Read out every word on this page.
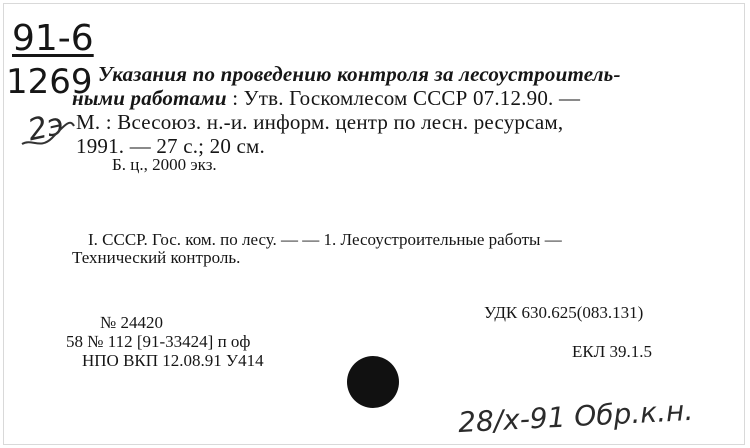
91-6
1269
2э
Указания по проведению контроля за лесоустроитель-
ными работами : Утв. Госкомлесом СССР 07.12.90. —
М. : Всесоюз. н.-и. информ. центр по лесн. ресурсам,
1991. — 27 с.; 20 см.
Б. ц., 2000 экз.
I. СССР. Гос. ком. по лесу. — — 1. Лесоустроительные работы —
Технический контроль.
№ 24420
58 № 112 [91-33424] п оф
НПО ВКП 12.08.91 У414
УДК 630.625(083.131)
ЕКЛ 39.1.5
28/x-91 Обр.к.н.
